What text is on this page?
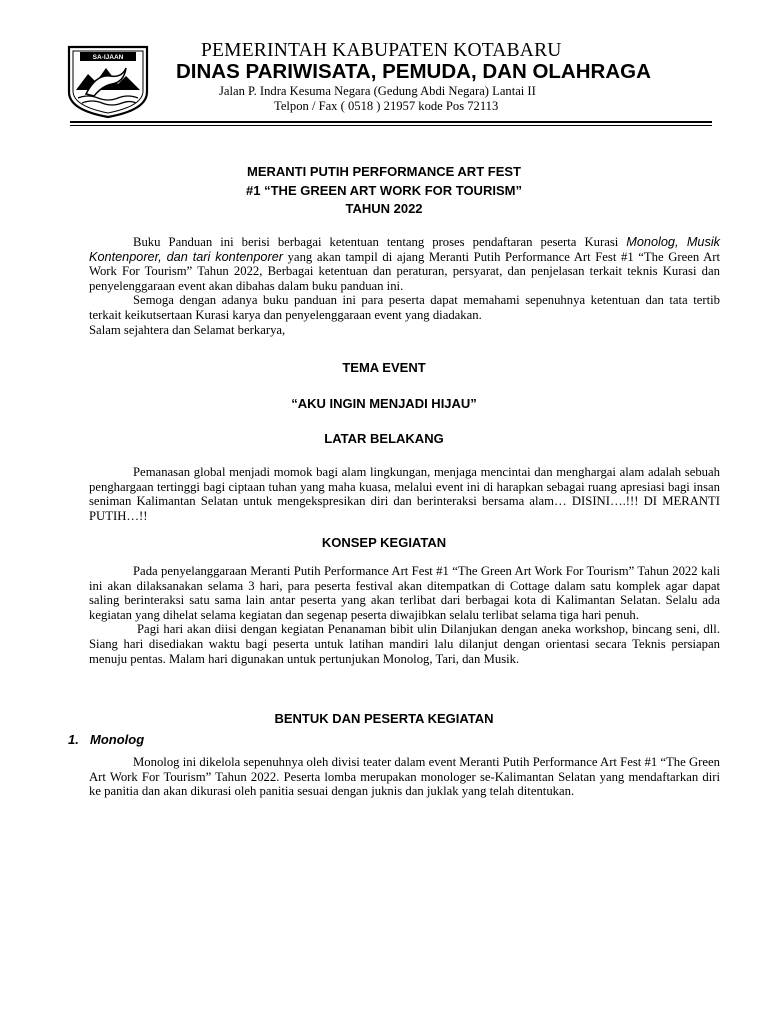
SA-IJAAN	PEMERINTAH KABUPATEN KOTABARU
DINAS PARIWISATA, PEMUDA, DAN OLAHRAGA
Jalan P. Indra Kesuma Negara (Gedung Abdi Negara) Lantai II
Telpon / Fax ( 0518 ) 21957 kode Pos 72113
MERANTI PUTIH PERFORMANCE ART FEST
#1 “THE GREEN ART WORK FOR TOURISM”
TAHUN 2022

Buku Panduan ini berisi berbagai ketentuan tentang proses pendaftaran peserta Kurasi Monolog, Musik Kontenporer, dan tari kontenporer yang akan tampil di ajang Meranti Putih Performance Art Fest #1 “The Green Art Work For Tourism” Tahun 2022, Berbagai ketentuan dan peraturan, persyarat, dan penjelasan terkait teknis Kurasi dan penyelenggaraan event akan dibahas dalam buku panduan ini.

Semoga dengan adanya buku panduan ini para peserta dapat memahami sepenuhnya ketentuan dan tata tertib terkait keikutsertaan Kurasi karya dan penyelenggaraan event yang diadakan.

Salam sejahtera dan Selamat berkarya,

TEMA EVENT
“AKU INGIN MENJADI HIJAU”
LATAR BELAKANG

Pemanasan global menjadi momok bagi alam lingkungan, menjaga mencintai dan menghargai alam adalah sebuah penghargaan tertinggi bagi ciptaan tuhan yang maha kuasa, melalui event ini di harapkan sebagai ruang apresiasi bagi insan seniman Kalimantan Selatan untuk mengekspresikan diri dan berinteraksi bersama alam… DISINI….!!! DI MERANTI PUTIH…!!

KONSEP KEGIATAN

Pada penyelanggaraan Meranti Putih Performance Art Fest #1 “The Green Art Work For Tourism” Tahun 2022 kali ini akan dilaksanakan selama 3 hari, para peserta festival akan ditempatkan di Cottage dalam satu komplek agar dapat saling berinteraksi satu sama lain antar peserta yang akan terlibat dari berbagai kota di Kalimantan Selatan. Selalu ada kegiatan yang dihelat selama kegiatan dan segenap peserta diwajibkan selalu terlibat selama tiga hari penuh.

Pagi hari akan diisi dengan kegiatan Penanaman bibit ulin Dilanjukan dengan aneka workshop, bincang seni, dll. Siang hari disediakan waktu bagi peserta untuk latihan mandiri lalu dilanjut dengan orientasi secara Teknis persiapan menuju pentas. Malam hari digunakan untuk pertunjukan Monolog, Tari, dan Musik.

BENTUK DAN PESERTA KEGIATAN
1. Monolog

Monolog ini dikelola sepenuhnya oleh divisi teater dalam event Meranti Putih Performance Art Fest #1 “The Green Art Work For Tourism” Tahun 2022. Peserta lomba merupakan monologer se-Kalimantan Selatan yang mendaftarkan diri ke panitia dan akan dikurasi oleh panitia sesuai dengan juknis dan juklak yang telah ditentukan.
